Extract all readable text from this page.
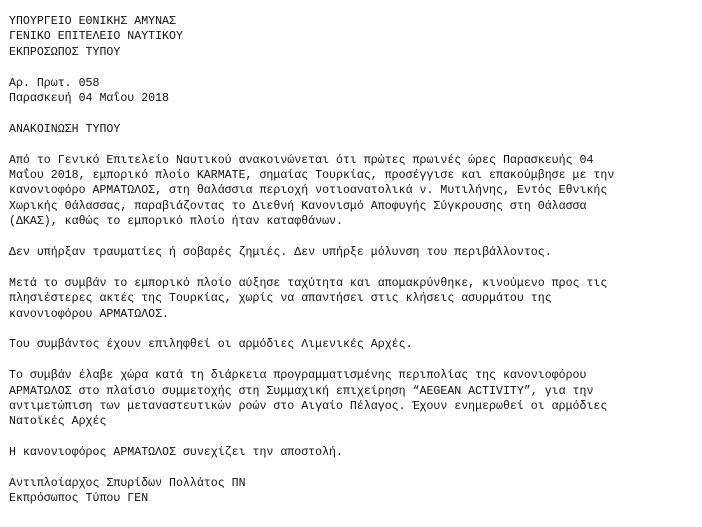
ΥΠΟΥΡΓΕΙΟ ΕΘΝΙΚΗΣ ΑΜΥΝΑΣ
ΓΕΝΙΚΟ ΕΠΙΤΕΛΕΙΟ ΝΑΥΤΙΚΟΥ
ΕΚΠΡΟΣΩΠΟΣ ΤΥΠΟΥ
Αρ. Πρωτ. 058
Παρασκευή 04 Μαΐου 2018
ΑΝΑΚΟΙΝΩΣΗ ΤΥΠΟΥ
Από το Γενικό Επιτελείο Ναυτικού ανακοινώνεται ότι πρώτες πρωινές ώρες Παρασκευής 04
Μαΐου 2018, εμπορικό πλοίο KARMATE, σημαίας Τουρκίας, προσέγγισε και επακούμβησε με την
κανονιοφόρο ΑΡΜΑΤΩΛΟΣ, στη θαλάσσια περιοχή νοτιοανατολικά ν. Μυτιλήνης, Εντός Εθνικής
Χωρικής Θάλασσας, παραβιάζοντας το Διεθνή Κανονισμό Αποφυγής Σύγκρουσης στη Θάλασσα
(ΔΚΑΣ), καθώς το εμπορικό πλοίο ήταν καταφθάνων.
Δεν υπήρξαν τραυματίες ή σοβαρές ζημιές. Δεν υπήρξε μόλυνση του περιβάλλοντος.
Μετά το συμβάν το εμπορικό πλοίο αύξησε ταχύτητα και απομακρύνθηκε, κινούμενο προς τις
πλησιέστερες ακτές της Τουρκίας, χωρίς να απαντήσει στις κλήσεις ασυρμάτου της
κανονιοφόρου ΑΡΜΑΤΩΛΟΣ.
Του συμβάντος έχουν επιληφθεί οι αρμόδιες Λιμενικές Αρχές.
Το συμβάν έλαβε χώρα κατά τη διάρκεια προγραμματισμένης περιπολίας της κανονιοφόρου
ΑΡΜΑΤΩΛΟΣ στο πλαίσιο συμμετοχής στη Συμμαχική επιχείρηση “AEGEAN ACTIVITY”, για την
αντιμετώπιση των μεταναστευτικών ροών στο Αιγαίο Πέλαγος. Έχουν ενημερωθεί οι αρμόδιες
Νατοϊκές Αρχές
Η κανονιοφόρος ΑΡΜΑΤΩΛΟΣ συνεχίζει την αποστολή.
Αντιπλοίαρχος Σπυρίδων Πολλάτος ΠΝ
Εκπρόσωπος Τύπου ΓΕΝ
